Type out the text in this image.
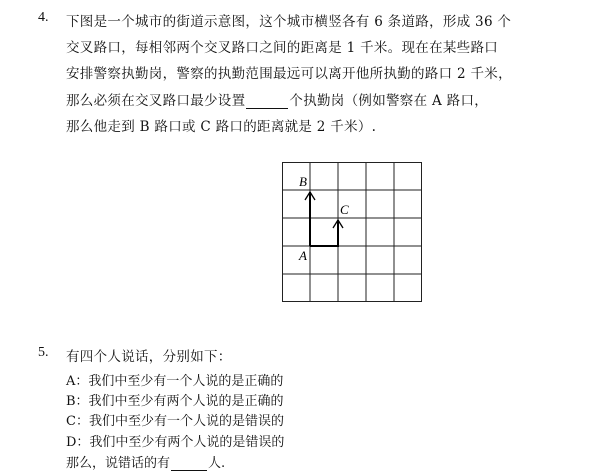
4. 下图是一个城市的街道示意图，这个城市横竖各有 6 条道路，形成 36 个
交叉路口，每相邻两个交叉路口之间的距离是 1 千米。现在在某些路口
安排警察执勤岗，警察的执勤范围最远可以离开他所执勤的路口 2 千米，
那么必须在交叉路口最少设置	个执勤岗（例如警察在 A 路口，
那么他走到 B 路口或 C 路口的距离就是 2 千米）.
B
C
A
5. 有四个人说话，分别如下：
A：我们中至少有一个人说的是正确的
B：我们中至少有两个人说的是正确的
C：我们中至少有一个人说的是错误的
D：我们中至少有两个人说的是错误的
那么，说错话的有	人.
